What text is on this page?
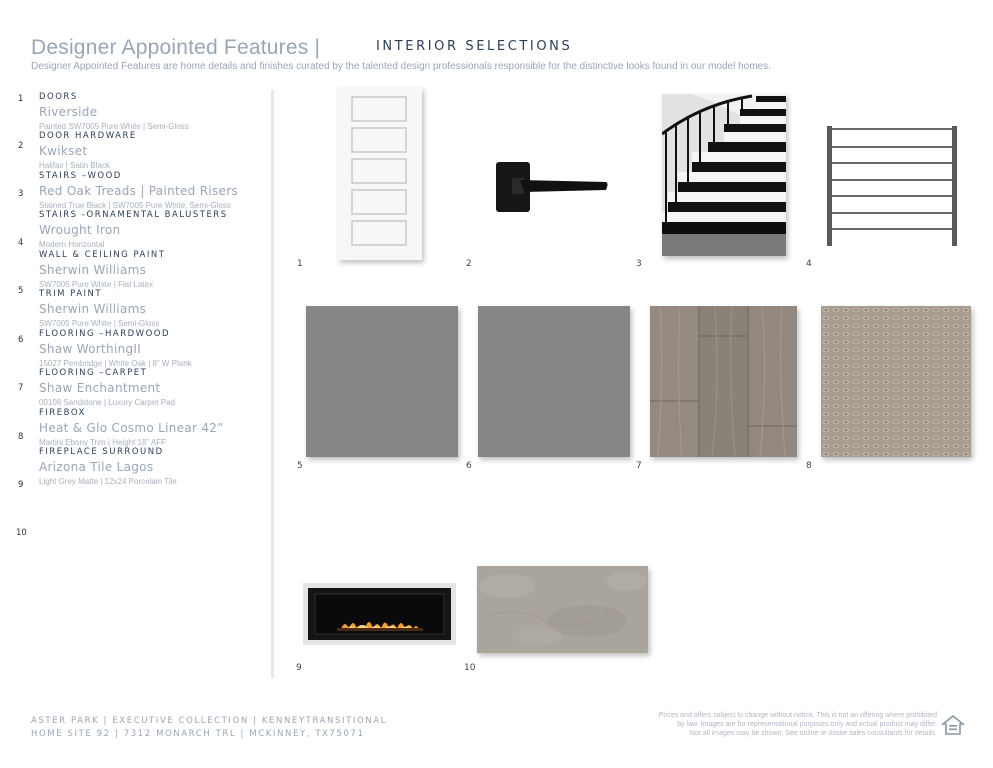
Designer Appointed Features |	INTERIOR SELECTIONS
Designer Appointed Features are home details and finishes curated by the talented design professionals responsible for the distinctive looks found in our model homes.
1 DOORS
Riverside
Painted SW7005 Pure White | Semi-Gloss
2
DOOR HARDWARE
Kwikset
Halifax | Satin Black
3
STAIRS –WOOD
Red Oak Treads | Painted Risers
Stained True Black | SW7005 Pure White, Semi-Gloss
4
STAIRS -ORNAMENTAL BALUSTERS
Wrought Iron
Modern Horizontal
5
WALL & CEILING PAINT
Sherwin Williams
SW7005 Pure White | Flat Latex
6
TRIM PAINT
Sherwin Williams
SW7005 Pure White | Semi-Gloss
7
FLOORING –HARDWOOD
Shaw WorthingII
15027 Pembridge | White Oak | 8” W Plank
8
FLOORING –CARPET
Shaw Enchantment
00108 Sandstone | Luxury Carpet Pad
9
FIREBOX
Heat & Glo Cosmo Linear 42”
Martini Ebony Trim | Height 18” AFF
FIREPLACE SURROUND
Arizona Tile Lagos
Light Grey Matte | 12x24 Porcelain Tile
10
1	2	3	4
5	6	7	8
9	10
ASTER PARK | EXECUTIVE COLLECTION | KENNEYTRANSITIONAL
HOME SITE 92 | 7312 MONARCH TRL | MCKINNEY, TX75071
Prices and offers subject to change without notice. This is not an offering where prohibited
by law. Images are for representational purposes only and actual product may differ.
Not all images may be shown. See online or onsite sales consultants for details.
